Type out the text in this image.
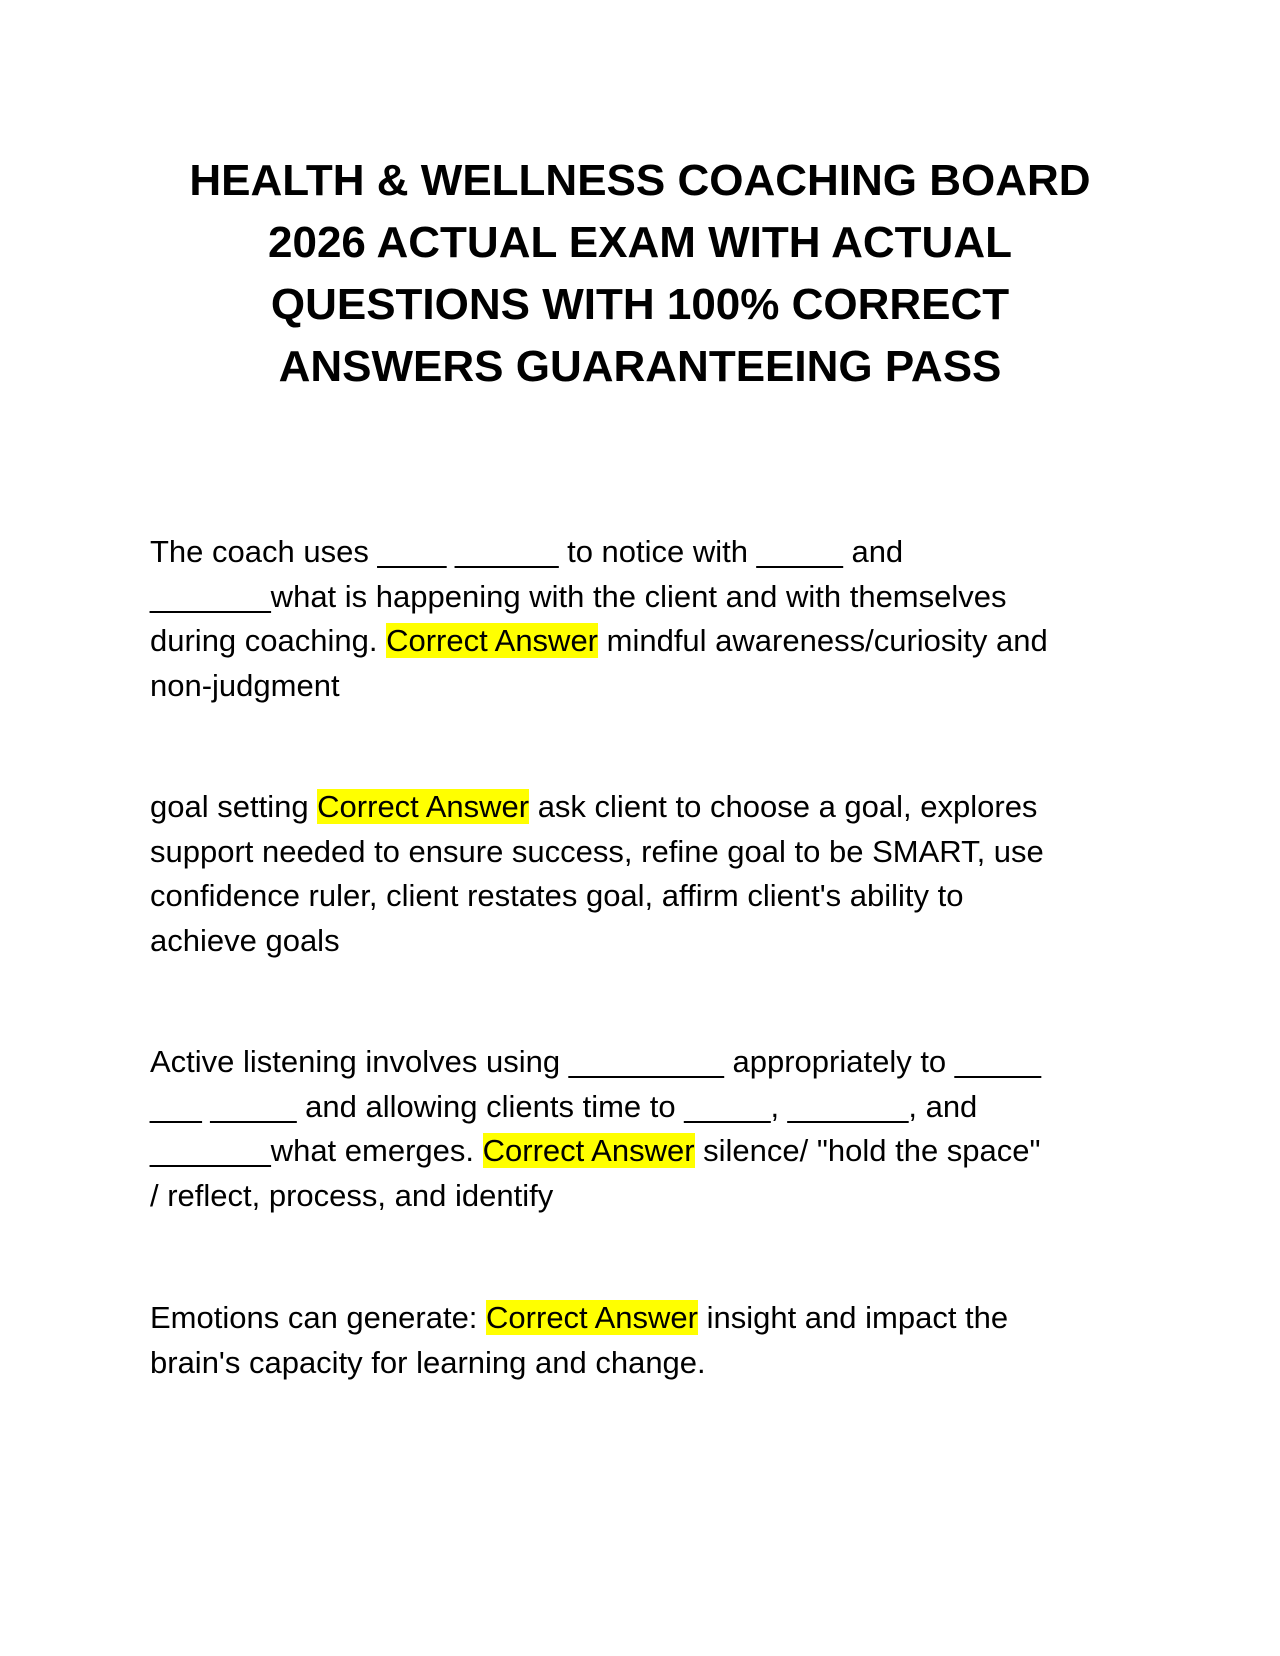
HEALTH & WELLNESS COACHING BOARD
2026 ACTUAL EXAM WITH ACTUAL
QUESTIONS WITH 100% CORRECT
ANSWERS GUARANTEEING PASS

The coach uses ____ ______ to notice with _____ and
_______what is happening with the client and with themselves
during coaching. Correct Answer mindful awareness/curiosity and
non-judgment

goal setting Correct Answer ask client to choose a goal, explores
support needed to ensure success, refine goal to be SMART, use
confidence ruler, client restates goal, affirm client's ability to
achieve goals

Active listening involves using _________ appropriately to _____
___ _____ and allowing clients time to _____, _______, and
_______what emerges. Correct Answer silence/ "hold the space"
/ reflect, process, and identify

Emotions can generate: Correct Answer insight and impact the
brain's capacity for learning and change.
